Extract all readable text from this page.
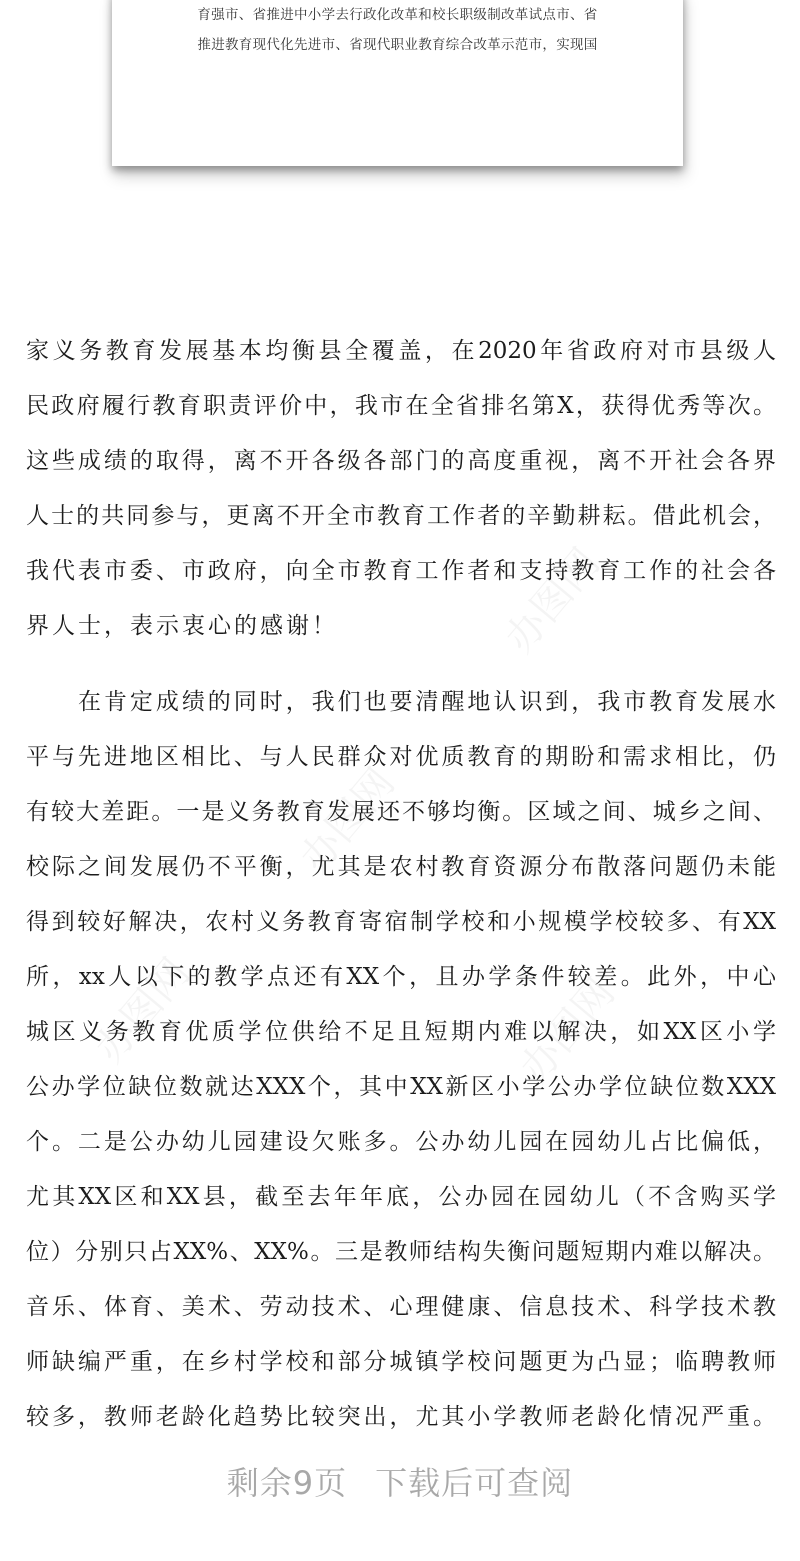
育强市、省推进中小学去行政化改革和校长职级制改革试点市、省
推进教育现代化先进市、省现代职业教育综合改革示范市，实现国
家义务教育发展基本均衡县全覆盖，在2020年省政府对市县级人
民政府履行教育职责评价中，我市在全省排名第X，获得优秀等次。
这些成绩的取得，离不开各级各部门的高度重视，离不开社会各界
人士的共同参与，更离不开全市教育工作者的辛勤耕耘。借此机会，
我代表市委、市政府，向全市教育工作者和支持教育工作的社会各
界人士，表示衷心的感谢！
在肯定成绩的同时，我们也要清醒地认识到，我市教育发展水
平与先进地区相比、与人民群众对优质教育的期盼和需求相比，仍
有较大差距。一是义务教育发展还不够均衡。区域之间、城乡之间、
校际之间发展仍不平衡，尤其是农村教育资源分布散落问题仍未能
得到较好解决，农村义务教育寄宿制学校和小规模学校较多、有XX
所，xx人以下的教学点还有XX个，且办学条件较差。此外，中心
城区义务教育优质学位供给不足且短期内难以解决，如XX区小学
公办学位缺位数就达XXX个，其中XX新区小学公办学位缺位数XXX
个。二是公办幼儿园建设欠账多。公办幼儿园在园幼儿占比偏低，
尤其XX区和XX县，截至去年年底，公办园在园幼儿（不含购买学
位）分别只占XX%、XX%。三是教师结构失衡问题短期内难以解决。
音乐、体育、美术、劳动技术、心理健康、信息技术、科学技术教
师缺编严重，在乡村学校和部分城镇学校问题更为凸显；临聘教师
较多，教师老龄化趋势比较突出，尤其小学教师老龄化情况严重。
剩余9页 下载后可查阅
